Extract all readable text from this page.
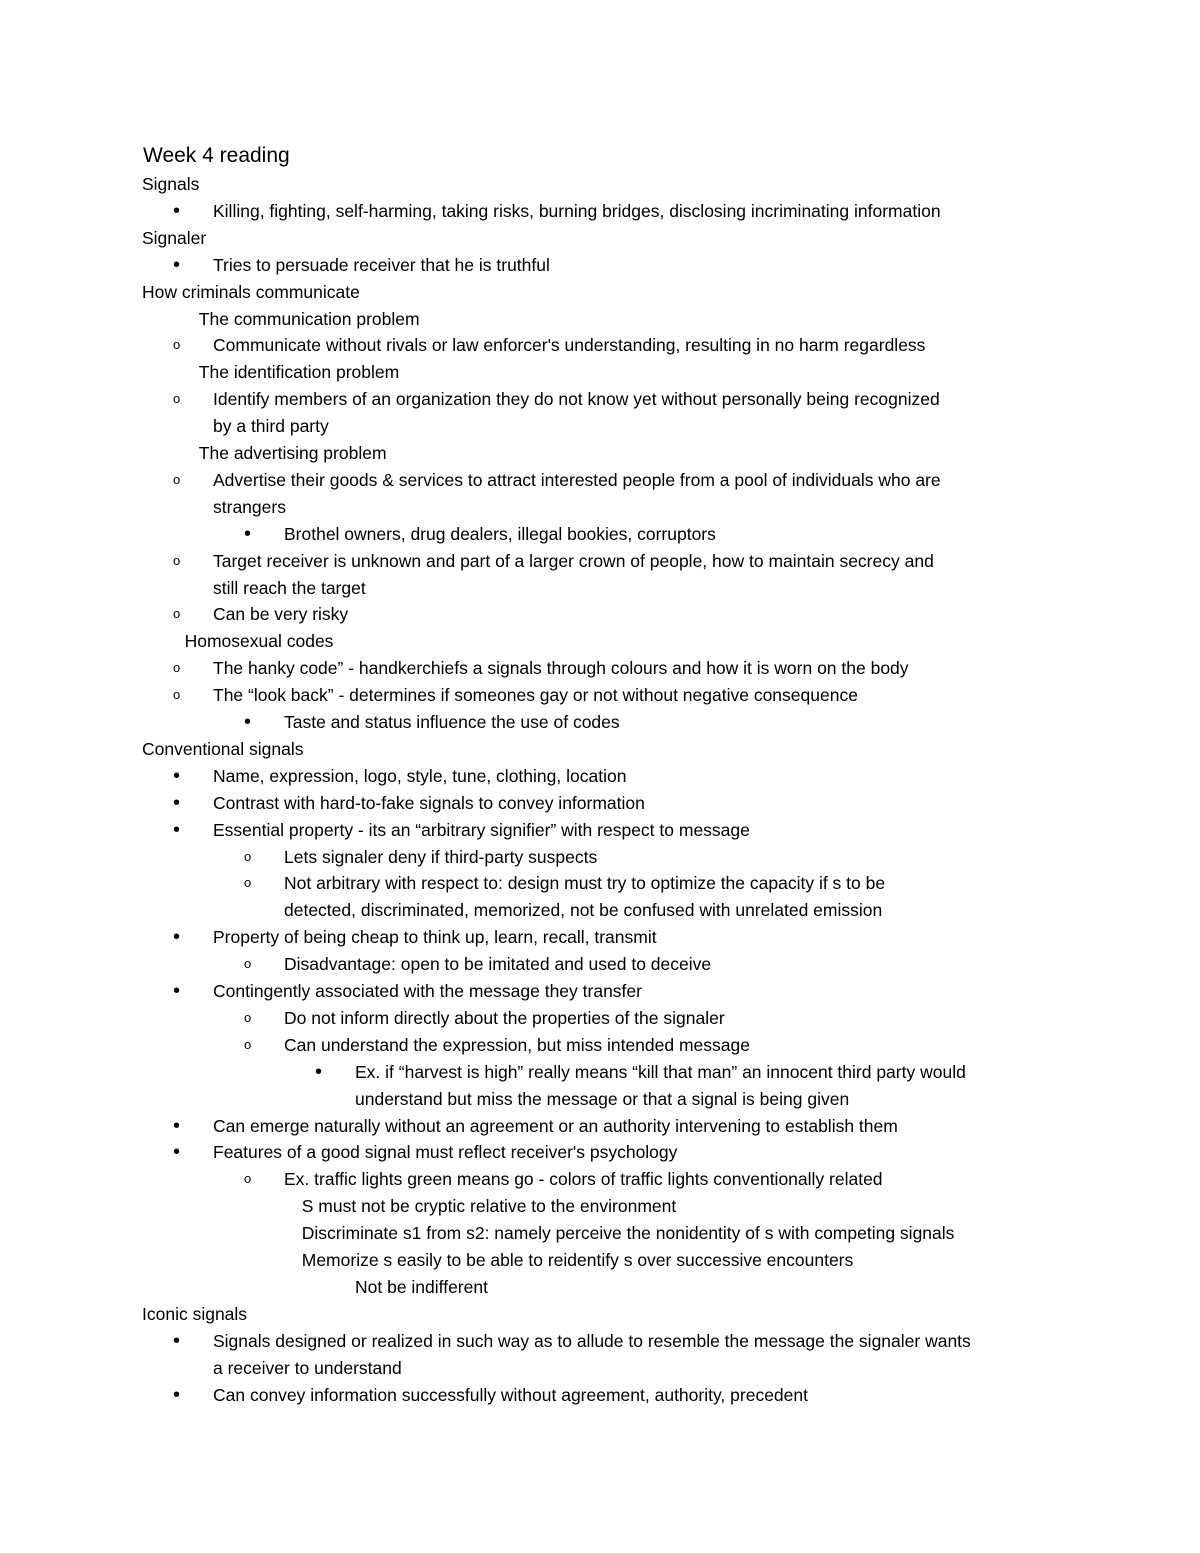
Week 4 reading
Signals
• Killing, fighting, self-harming, taking risks, burning bridges, disclosing incriminating information
Signaler
• Tries to persuade receiver that he is truthful
How criminals communicate
The communication problem
o Communicate without rivals or law enforcer's understanding, resulting in no harm regardless
The identification problem
o Identify members of an organization they do not know yet without personally being recognized
by a third party
The advertising problem
o Advertise their goods & services to attract interested people from a pool of individuals who are
strangers
• Brothel owners, drug dealers, illegal bookies, corruptors
o Target receiver is unknown and part of a larger crown of people, how to maintain secrecy and
still reach the target
o Can be very risky
Homosexual codes
o The hanky code” - handkerchiefs a signals through colours and how it is worn on the body
o The “look back” - determines if someones gay or not without negative consequence
• Taste and status influence the use of codes
Conventional signals
• Name, expression, logo, style, tune, clothing, location
• Contrast with hard-to-fake signals to convey information
• Essential property - its an “arbitrary signifier” with respect to message
o Lets signaler deny if third-party suspects
o Not arbitrary with respect to: design must try to optimize the capacity if s to be
detected, discriminated, memorized, not be confused with unrelated emission
• Property of being cheap to think up, learn, recall, transmit
o Disadvantage: open to be imitated and used to deceive
• Contingently associated with the message they transfer
o Do not inform directly about the properties of the signaler
o Can understand the expression, but miss intended message
• Ex. if “harvest is high” really means “kill that man” an innocent third party would
understand but miss the message or that a signal is being given
• Can emerge naturally without an agreement or an authority intervening to establish them
• Features of a good signal must reflect receiver's psychology
o Ex. traffic lights green means go - colors of traffic lights conventionally related
S must not be cryptic relative to the environment
Discriminate s1 from s2: namely perceive the nonidentity of s with competing signals
Memorize s easily to be able to reidentify s over successive encounters
Not be indifferent
Iconic signals
• Signals designed or realized in such way as to allude to resemble the message the signaler wants
a receiver to understand
• Can convey information successfully without agreement, authority, precedent
